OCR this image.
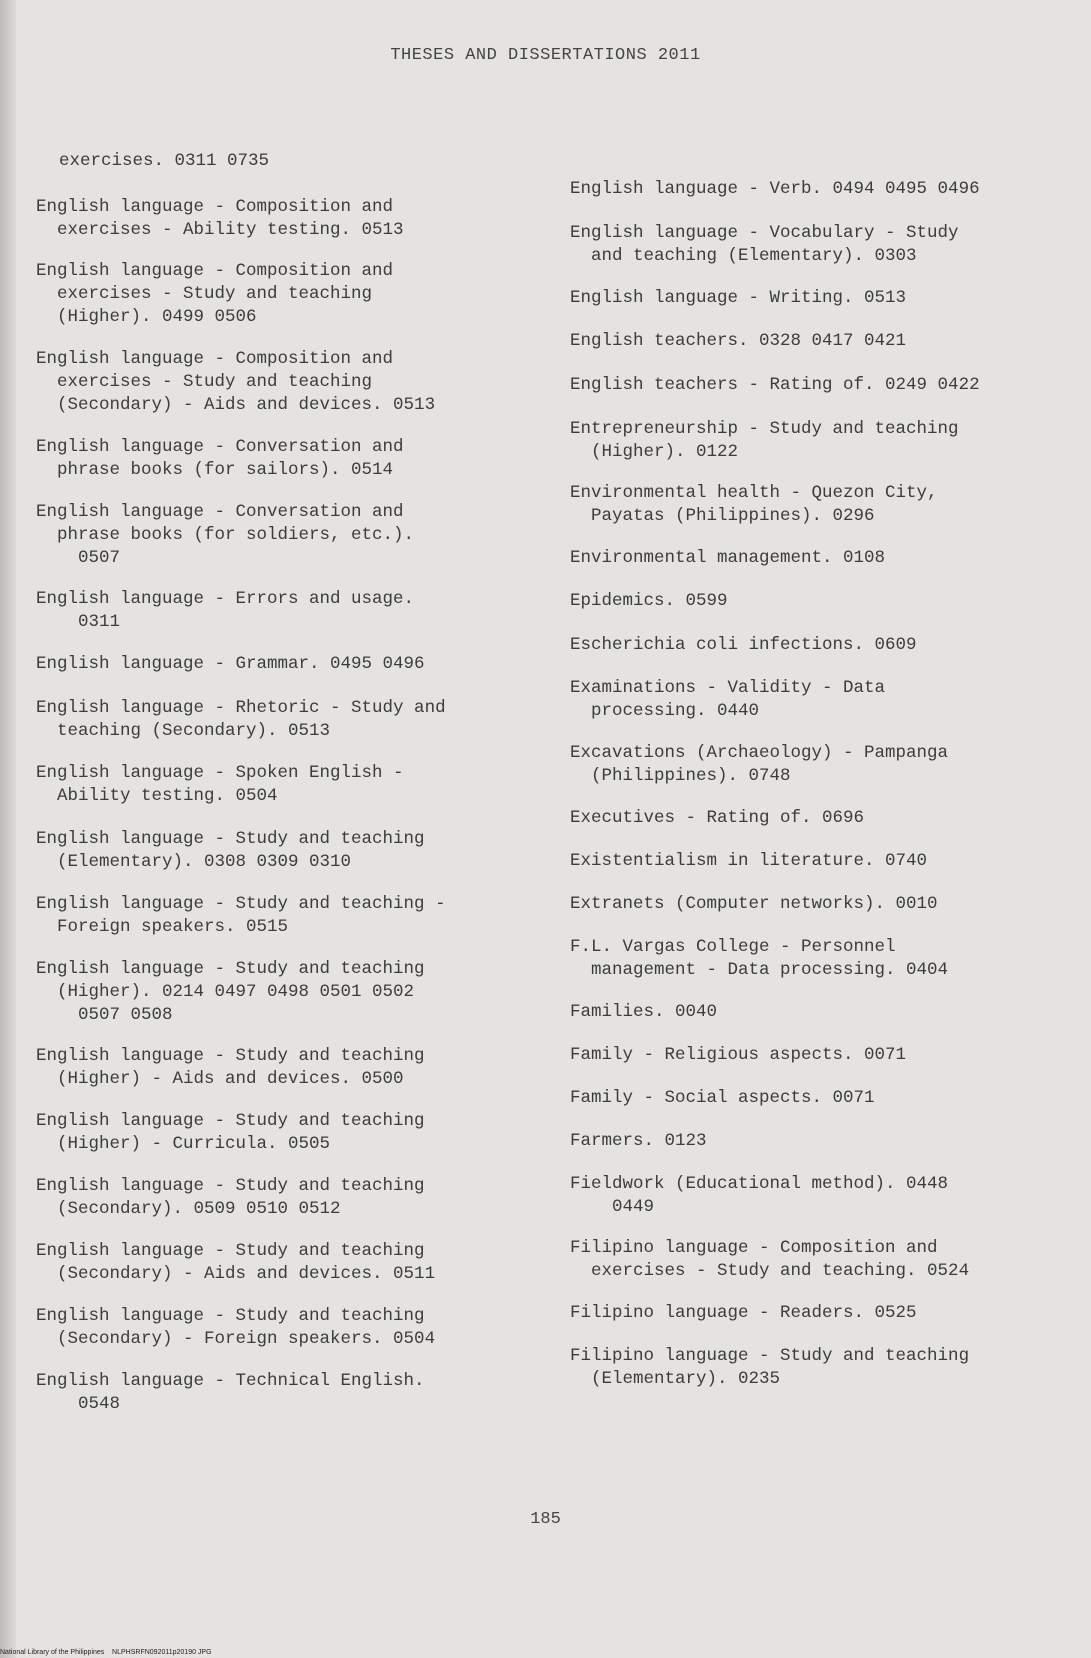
THESES AND DISSERTATIONS 2011
exercises. 0311 0735
English language - Composition and
exercises - Ability testing. 0513
English language - Composition and
exercises - Study and teaching
(Higher). 0499 0506
English language - Composition and
exercises - Study and teaching
(Secondary) - Aids and devices. 0513
English language - Conversation and
phrase books (for sailors). 0514
English language - Conversation and
phrase books (for soldiers, etc.).
0507
English language - Errors and usage.
0311
English language - Grammar. 0495 0496
English language - Rhetoric - Study and
teaching (Secondary). 0513
English language - Spoken English -
Ability testing. 0504
English language - Study and teaching
(Elementary). 0308 0309 0310
English language - Study and teaching -
Foreign speakers. 0515
English language - Study and teaching
(Higher). 0214 0497 0498 0501 0502
0507 0508
English language - Study and teaching
(Higher) - Aids and devices. 0500
English language - Study and teaching
(Higher) - Curricula. 0505
English language - Study and teaching
(Secondary). 0509 0510 0512
English language - Study and teaching
(Secondary) - Aids and devices. 0511
English language - Study and teaching
(Secondary) - Foreign speakers. 0504
English language - Technical English.
0548
English language - Verb. 0494 0495 0496
English language - Vocabulary - Study
and teaching (Elementary). 0303
English language - Writing. 0513
English teachers. 0328 0417 0421
English teachers - Rating of. 0249 0422
Entrepreneurship - Study and teaching
(Higher). 0122
Environmental health - Quezon City,
Payatas (Philippines). 0296
Environmental management. 0108
Epidemics. 0599
Escherichia coli infections. 0609
Examinations - Validity - Data
processing. 0440
Excavations (Archaeology) - Pampanga
(Philippines). 0748
Executives - Rating of. 0696
Existentialism in literature. 0740
Extranets (Computer networks). 0010
F.L. Vargas College - Personnel
management - Data processing. 0404
Families. 0040
Family - Religious aspects. 0071
Family - Social aspects. 0071
Farmers. 0123
Fieldwork (Educational method). 0448
0449
Filipino language - Composition and
exercises - Study and teaching. 0524
Filipino language - Readers. 0525
Filipino language - Study and teaching
(Elementary). 0235
185
National Library of the Philippines    NLPHSRFN092011p20190 JPG
